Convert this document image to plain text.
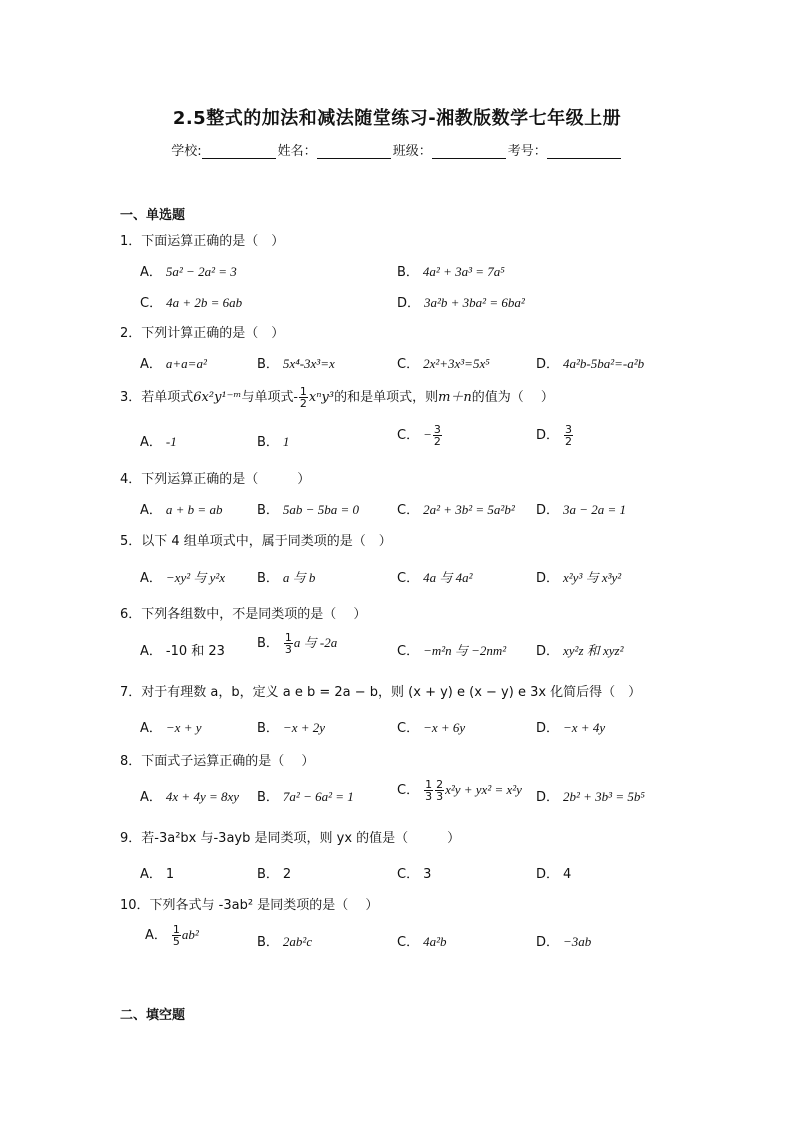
2.5整式的加法和减法随堂练习-湘教版数学七年级上册
学校:	姓名：	班级：	考号：
一、单选题
1．下面运算正确的是（　）
A． 5a² − 2a² = 3	B． 4a² + 3a³ = 7a⁵
C． 4a + 2b = 6ab	D． 3a²b + 3ba² = 6ba²
2．下列计算正确的是（　）
A． a+a=a²	B． 5x⁴-3x³=x	C． 2x²+3x³=5x⁵	D． 4a²b-5ba²=-a²b
3．若单项式6x²y¹⁻ᵐ与单项式- $\frac{1}{2} x^ny^3$的和是单项式，则m＋n的值为（　 ）
A． -1	B． 1	C． − $\frac{3}{2}$	D． $\frac{3}{2}$
4．下列运算正确的是（　　　）
A． a + b = ab	B． 5ab − 5ba = 0	C． 2a² + 3b² = 5a²b² D． 3a − 2a = 1
5．以下 4 组单项式中，属于同类项的是（　）
A． −xy² 与 y²x B． a 与 b	C． 4a 与 4a²	D． x²y³ 与 x³y²
6．下列各组数中，不是同类项的是（　 ）
A． -10 和 23
B． $\frac{1}{3}$ a 与 -2a
C． −m²n 与 −2nm² D． xy²z 和 xyz²
7．对于有理数 a，b，定义 a e b = 2a − b，则 (x + y) e (x − y) e 3x 化简后得（　）
A． −x + y	B． −x + 2y	C． −x + 6y	D． −x + 4y
8．下面式子运算正确的是（　 ）
A． 4x + 4y = 8xy B． 7a² − 6a² = 1	C． $\frac{1}{3} \frac{2}{3} x^2y + yx^2 = x^2y$
D． 2b² + 3b³ = 5b⁵
9．若-3a²bx 与-3ayb 是同类项，则 yx 的值是（　　　）
A． 1	B． 2	C． 3	D． 4
10．下列各式与 -3ab² 是同类项的是（　 ）
A． $\frac{1}{5} ab^2$
B． 2ab²c	C． 4a²b	D． −3ab
二、填空题
